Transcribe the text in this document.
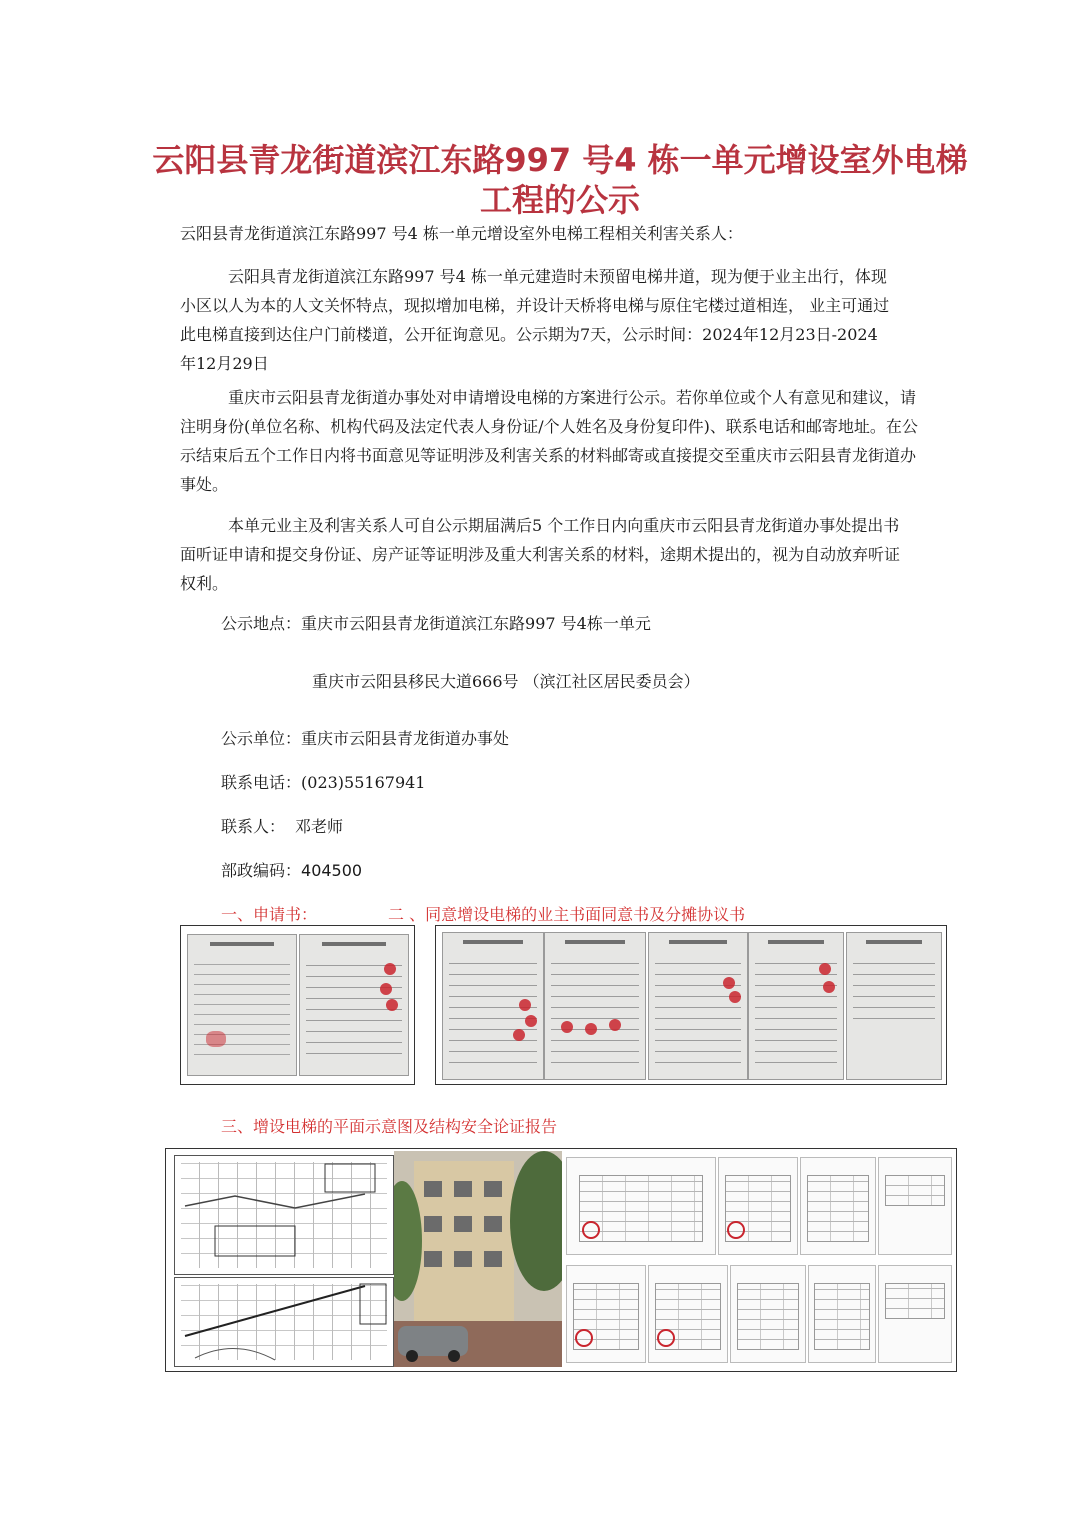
云阳县青龙街道滨江东路997 号4 栋一单元增设室外电梯工程的公示

云阳县青龙街道滨江东路997 号4 栋一单元增设室外电梯工程相关利害关系人：

云阳具青龙街道滨江东路997 号4 栋一单元建造时未预留电梯井道，现为便于业主出行，体现 小区以人为本的人文关怀特点，现拟增加电梯，并设计天桥将电梯与原住宅楼过道相连， 业主可通过此电梯直接到达住户门前楼道，公开征询意见。公示期为7天，公示时间：2024年12月23日-2024年12月29日

重庆市云阳县青龙街道办事处对申请增设电梯的方案进行公示。若你单位或个人有意见和建议，请注明身份(单位名称、机构代码及法定代表人身份证/个人姓名及身份复印件)、联系电话和邮寄地址。在公示结束后五个工作日内将书面意见等证明涉及利害关系的材料邮寄或直接提交至重庆市云阳县青龙街道办事处。

本单元业主及利害关系人可自公示期届满后5 个工作日内向重庆市云阳县青龙街道办事处提出书面听证申请和提交身份证、房产证等证明涉及重大利害关系的材料，途期术提出的，视为自动放弃听证权利。

公示地点：重庆市云阳县青龙街道滨江东路997 号4栋一单元

重庆市云阳县移民大道666号 （滨江社区居民委员会）

公示单位：重庆市云阳县青龙街道办事处

联系电话：(023)55167941

联系人： 邓老师

部政编码：404500

一、申请书：	二 、同意增设电梯的业主书面同意书及分摊协议书

三、增设电梯的平面示意图及结构安全论证报告
